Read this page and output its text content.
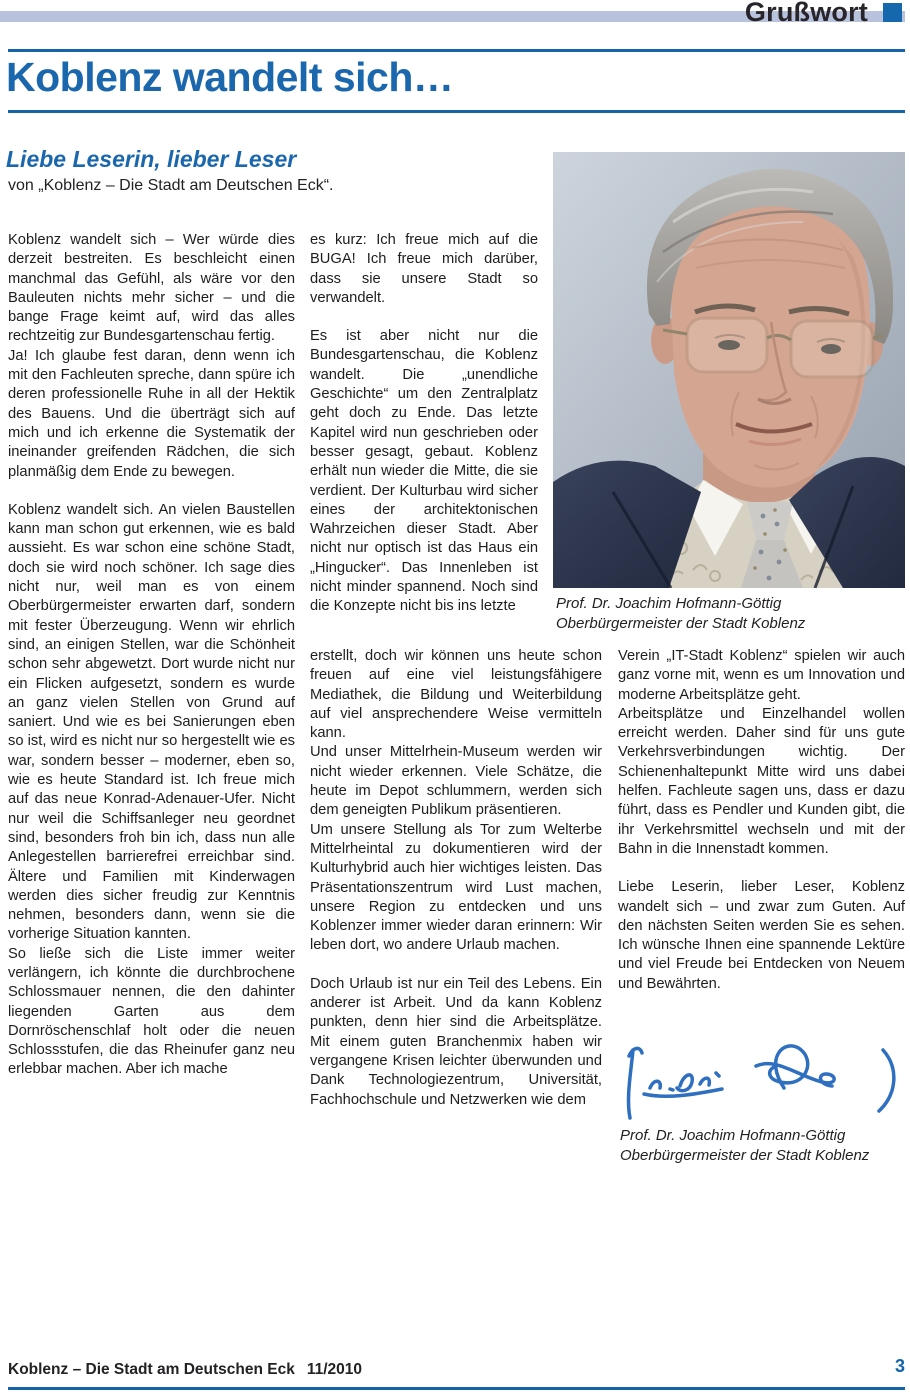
Grußwort
Koblenz wandelt sich…
Liebe Leserin, lieber Leser
von „Koblenz – Die Stadt am Deutschen Eck“.
Prof. Dr. Joachim Hofmann-Göttig
Oberbürgermeister der Stadt Koblenz

Koblenz wandelt sich – Wer würde dies derzeit bestreiten. Es beschleicht einen manchmal das Gefühl, als wäre vor den Bauleuten nichts mehr sicher – und die bange Frage keimt auf, wird das alles rechtzeitig zur Bundesgartenschau fertig.

Ja! Ich glaube fest daran, denn wenn ich mit den Fachleuten spreche, dann spüre ich deren professionelle Ruhe in all der Hektik des Bauens. Und die überträgt sich auf mich und ich erkenne die Systematik der ineinander greifenden Rädchen, die sich planmäßig dem Ende zu bewegen.

Koblenz wandelt sich. An vielen Baustellen kann man schon gut erkennen, wie es bald aussieht. Es war schon eine schöne Stadt, doch sie wird noch schöner. Ich sage dies nicht nur, weil man es von einem Oberbürgermeister erwarten darf, sondern mit fester Überzeugung. Wenn wir ehrlich sind, an einigen Stellen, war die Schönheit schon sehr abgewetzt. Dort wurde nicht nur ein Flicken aufgesetzt, sondern es wurde an ganz vielen Stellen von Grund auf saniert. Und wie es bei Sanierungen eben so ist, wird es nicht nur so hergestellt wie es war, sondern besser – moderner, eben so, wie es heute Standard ist. Ich freue mich auf das neue Konrad-Adenauer-Ufer. Nicht nur weil die Schiffsanleger neu geordnet sind, besonders froh bin ich, dass nun alle Anlegestellen barrierefrei erreichbar sind. Ältere und Familien mit Kinderwagen werden dies sicher freudig zur Kenntnis nehmen, besonders dann, wenn sie die vorherige Situation kannten.

So ließe sich die Liste immer weiter verlängern, ich könnte die durchbrochene Schlossmauer nennen, die den dahinter liegenden Garten aus dem Dornröschenschlaf holt oder die neuen Schlossstufen, die das Rheinufer ganz neu erlebbar machen. Aber ich mache

es kurz: Ich freue mich auf die BUGA! Ich freue mich darüber, dass sie unsere Stadt so verwandelt.

Es ist aber nicht nur die Bundesgartenschau, die Koblenz wandelt. Die „unendliche Geschichte“ um den Zentralplatz geht doch zu Ende. Das letzte Kapitel wird nun geschrieben oder besser gesagt, gebaut. Koblenz erhält nun wieder die Mitte, die sie verdient. Der Kulturbau wird sicher eines der architektonischen Wahrzeichen dieser Stadt. Aber nicht nur optisch ist das Haus ein „Hingucker“. Das Innenleben ist nicht minder spannend. Noch sind die Konzepte nicht bis ins letzte

erstellt, doch wir können uns heute schon freuen auf eine viel leistungsfähigere Mediathek, die Bildung und Weiterbildung auf viel ansprechendere Weise vermitteln kann.

Und unser Mittelrhein-Museum werden wir nicht wieder erkennen. Viele Schätze, die heute im Depot schlummern, werden sich dem geneigten Publikum präsentieren.

Um unsere Stellung als Tor zum Welterbe Mittelrheintal zu dokumentieren wird der Kulturhybrid auch hier wichtiges leisten. Das Präsentationszentrum wird Lust machen, unsere Region zu entdecken und uns Koblenzer immer wieder daran erinnern: Wir leben dort, wo andere Urlaub machen.

Doch Urlaub ist nur ein Teil des Lebens. Ein anderer ist Arbeit. Und da kann Koblenz punkten, denn hier sind die Arbeitsplätze. Mit einem guten Branchenmix haben wir vergangene Krisen leichter überwunden und Dank Technologiezentrum, Universität, Fachhochschule und Netzwerken wie dem

Verein „IT-Stadt Koblenz“ spielen wir auch ganz vorne mit, wenn es um Innovation und moderne Arbeitsplätze geht.

Arbeitsplätze und Einzelhandel wollen erreicht werden. Daher sind für uns gute Verkehrsverbindungen wichtig. Der Schienenhaltepunkt Mitte wird uns dabei helfen. Fachleute sagen uns, dass er dazu führt, dass es Pendler und Kunden gibt, die ihr Verkehrsmittel wechseln und mit der Bahn in die Innenstadt kommen.

Liebe Leserin, lieber Leser, Koblenz wandelt sich – und zwar zum Guten. Auf den nächsten Seiten werden Sie es sehen. Ich wünsche Ihnen eine spannende Lektüre und viel Freude bei Entdecken von Neuem und Bewährten.

Prof. Dr. Joachim Hofmann-Göttig
Oberbürgermeister der Stadt Koblenz
Koblenz – Die Stadt am Deutschen Eck 11/2010	3
